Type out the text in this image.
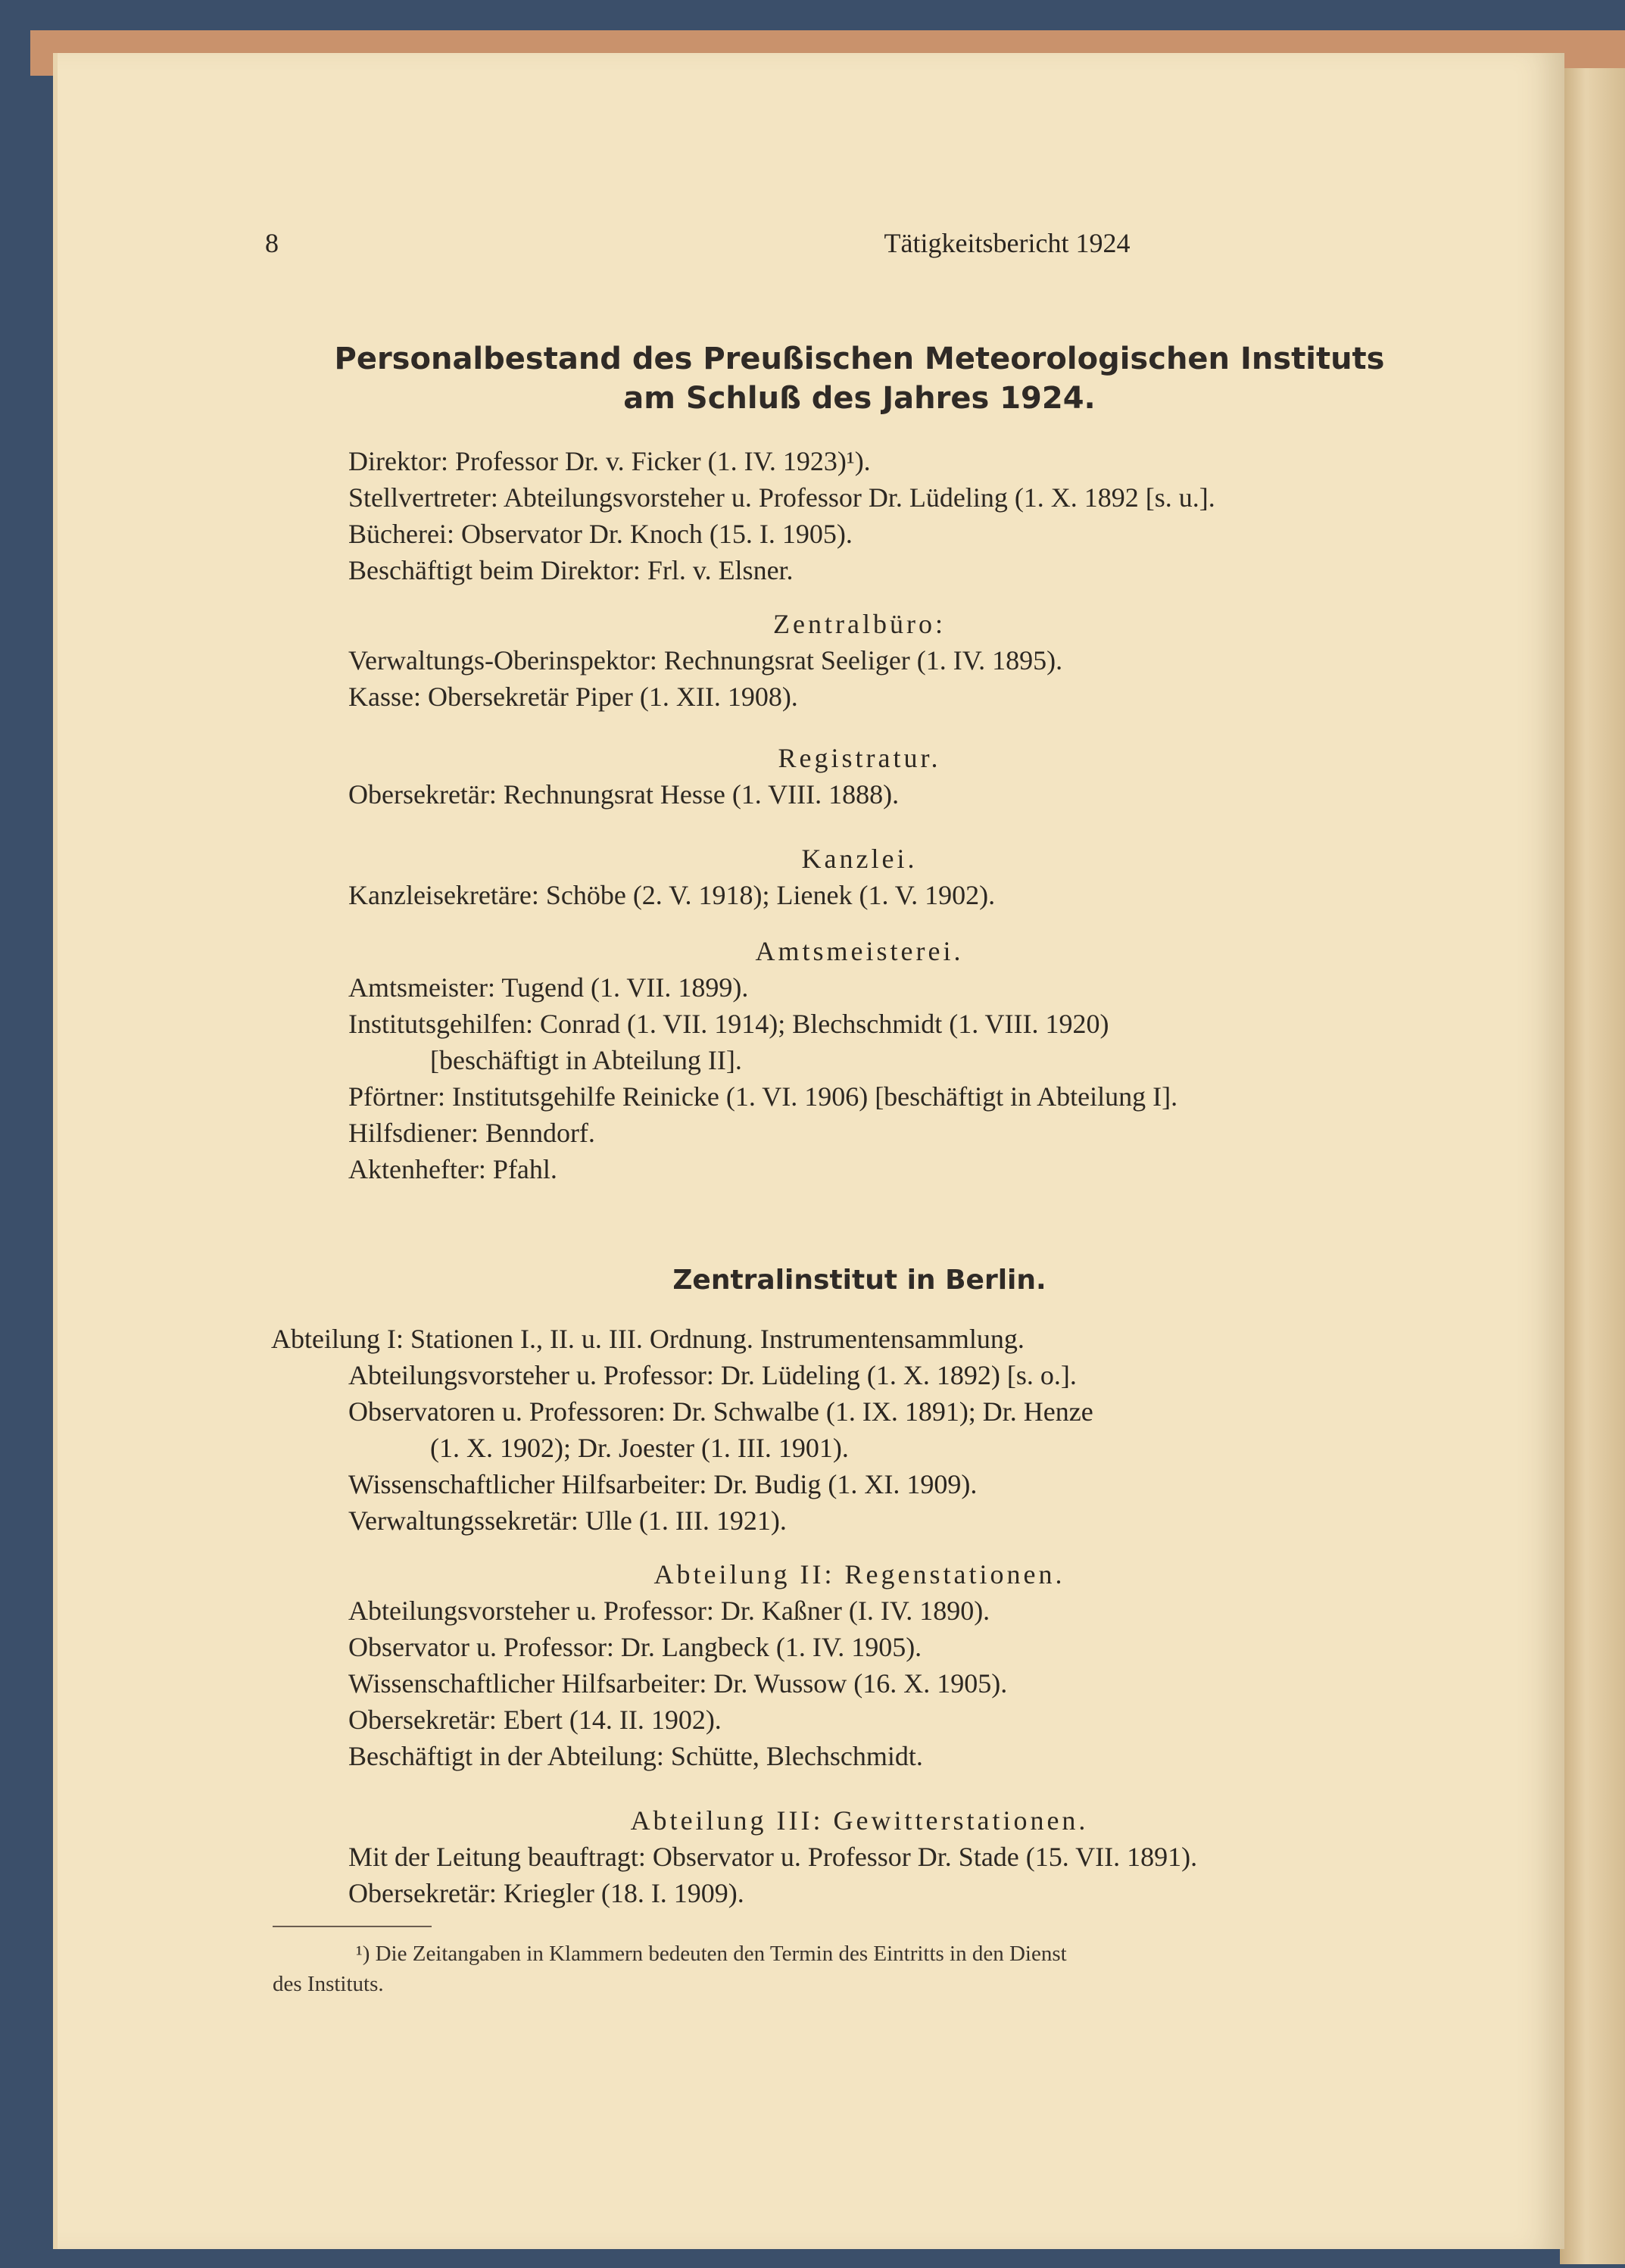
8	Tätigkeitsbericht 1924
Personalbestand des Preußischen Meteorologischen Instituts
am Schluß des Jahres 1924.
Direktor: Professor Dr. v. Ficker (1. IV. 1923)¹).
Stellvertreter: Abteilungsvorsteher u. Professor Dr. Lüdeling (1. X. 1892 [s. u.].
Bücherei: Observator Dr. Knoch (15. I. 1905).
Beschäftigt beim Direktor: Frl. v. Elsner.
Zentralbüro:
Verwaltungs-Oberinspektor: Rechnungsrat Seeliger (1. IV. 1895).
Kasse: Obersekretär Piper (1. XII. 1908).
Registratur.
Obersekretär: Rechnungsrat Hesse (1. VIII. 1888).
Kanzlei.
Kanzleisekretäre: Schöbe (2. V. 1918); Lienek (1. V. 1902).
Amtsmeisterei.
Amtsmeister: Tugend (1. VII. 1899).
Institutsgehilfen: Conrad (1. VII. 1914); Blechschmidt (1. VIII. 1920)
[beschäftigt in Abteilung II].
Pförtner: Institutsgehilfe Reinicke (1. VI. 1906) [beschäftigt in Abteilung I].
Hilfsdiener: Benndorf.
Aktenhefter: Pfahl.
Zentralinstitut in Berlin.
Abteilung I: Stationen I., II. u. III. Ordnung. Instrumentensammlung.
Abteilungsvorsteher u. Professor: Dr. Lüdeling (1. X. 1892) [s. o.].
Observatoren u. Professoren: Dr. Schwalbe (1. IX. 1891); Dr. Henze
(1. X. 1902); Dr. Joester (1. III. 1901).
Wissenschaftlicher Hilfsarbeiter: Dr. Budig (1. XI. 1909).
Verwaltungssekretär: Ulle (1. III. 1921).
Abteilung II: Regenstationen.
Abteilungsvorsteher u. Professor: Dr. Kaßner (I. IV. 1890).
Observator u. Professor: Dr. Langbeck (1. IV. 1905).
Wissenschaftlicher Hilfsarbeiter: Dr. Wussow (16. X. 1905).
Obersekretär: Ebert (14. II. 1902).
Beschäftigt in der Abteilung: Schütte, Blechschmidt.
Abteilung III: Gewitterstationen.
Mit der Leitung beauftragt: Observator u. Professor Dr. Stade (15. VII. 1891).
Obersekretär: Kriegler (18. I. 1909).
¹) Die Zeitangaben in Klammern bedeuten den Termin des Eintritts in den Dienst
des Instituts.
